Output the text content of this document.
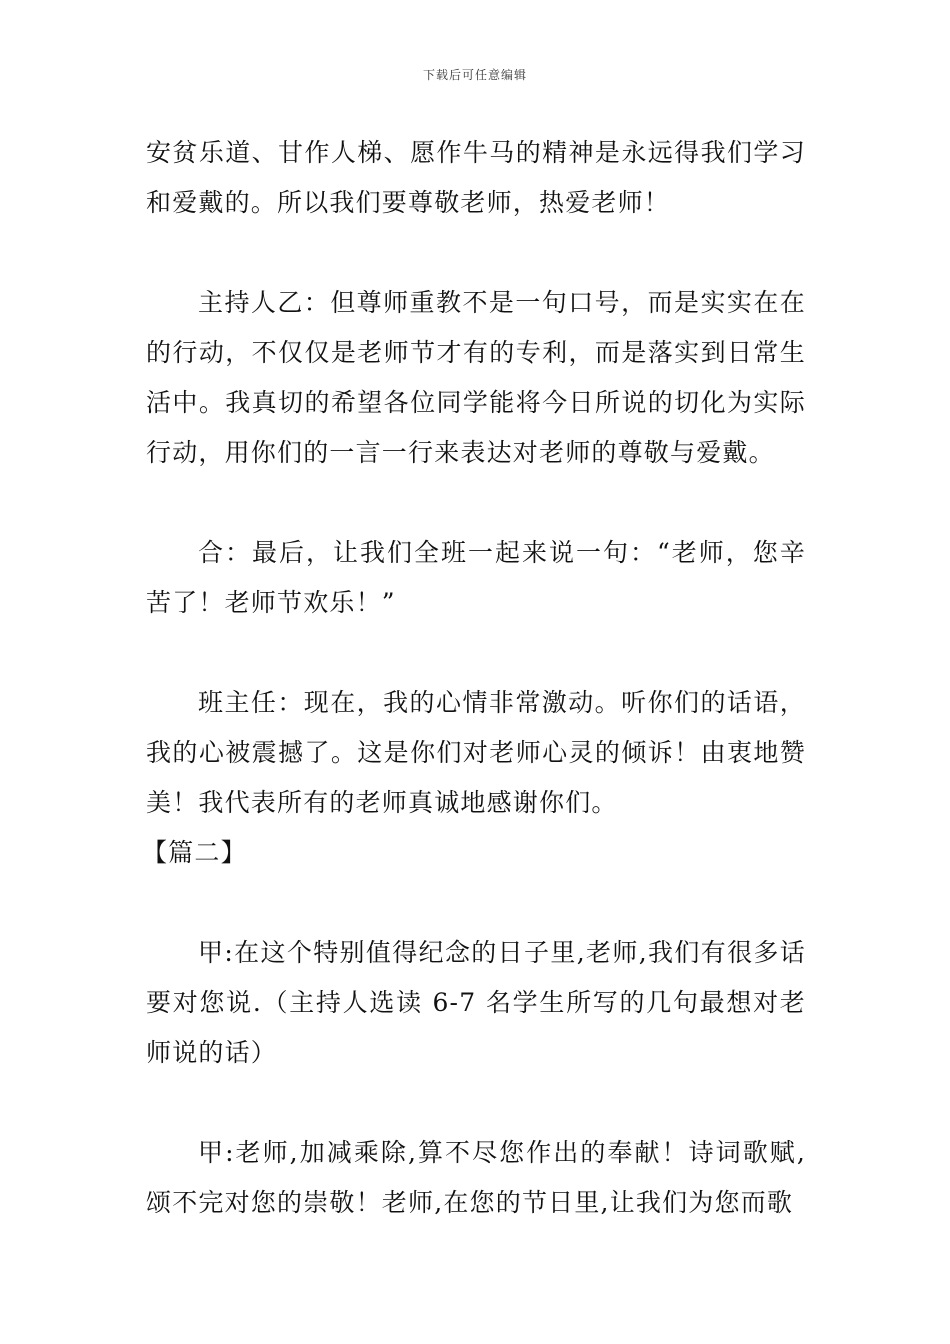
下载后可任意编辑

安贫乐道、甘作人梯、愿作牛马的精神是永远得我们学习和爱戴的。所以我们要尊敬老师，热爱老师！

主持人乙：但尊师重教不是一句口号，而是实实在在的行动，不仅仅是老师节才有的专利，而是落实到日常生活中。我真切的希望各位同学能将今日所说的切化为实际行动，用你们的一言一行来表达对老师的尊敬与爱戴。

合：最后，让我们全班一起来说一句：“老师，您辛苦了！老师节欢乐！”

班主任：现在，我的心情非常激动。听你们的话语，我的心被震撼了。这是你们对老师心灵的倾诉！由衷地赞美！我代表所有的老师真诚地感谢你们。

【篇二】

甲:在这个特别值得纪念的日子里,老师,我们有很多话要对您说.（主持人选读 6-7 名学生所写的几句最想对老师说的话）

甲:老师,加减乘除,算不尽您作出的奉献！诗词歌赋,颂不完对您的崇敬！老师,在您的节日里,让我们为您而歌
